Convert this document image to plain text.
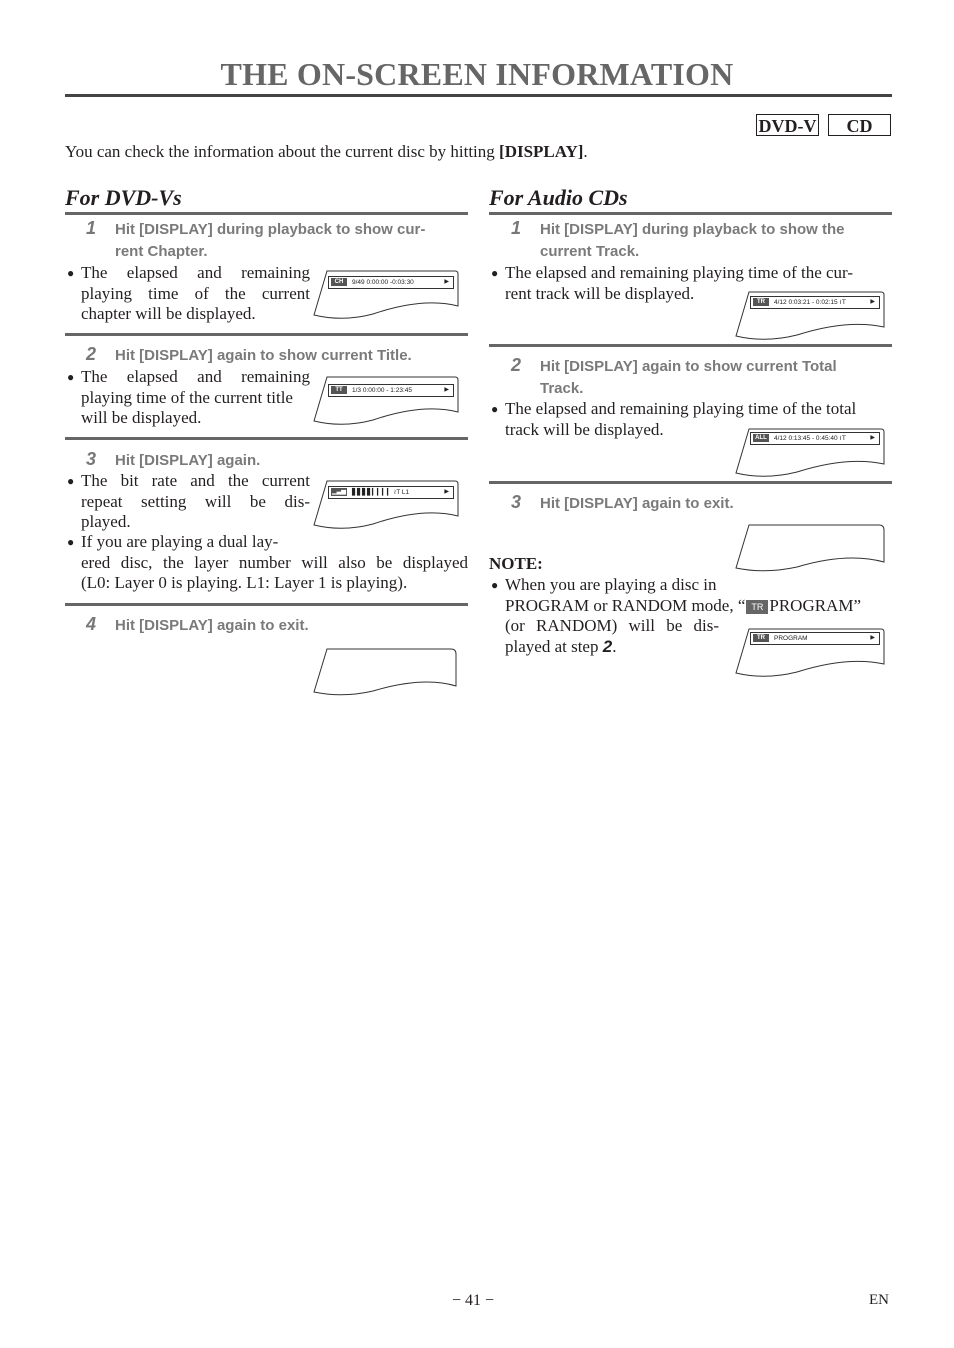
THE ON-SCREEN INFORMATION
DVD-V	CD
You can check the information about the current disc by hitting [DISPLAY].
For DVD-Vs
1 Hit [DISPLAY] during playback to show cur-
rent Chapter.
● The elapsed and remaining
playing time of the current
chapter will be displayed.
CH	9/49 0:00:00 -0:03:30	▶
2 Hit [DISPLAY] again to show current Title.
● The elapsed and remaining
playing time of the current title
will be displayed.
TT	1/3 0:00:00 - 1:23:45	▶
3 Hit [DISPLAY] again.
● The bit rate and the current
repeat setting will be dis-
played.
▁▃▅ ▋▋▋▋▎▎▎▎ ≀T L1	▶
● If you are playing a dual lay-
ered disc, the layer number will also be displayed
(L0: Layer 0 is playing. L1: Layer 1 is playing).
4 Hit [DISPLAY] again to exit.
For Audio CDs
1 Hit [DISPLAY] during playback to show the
current Track.
● The elapsed and remaining playing time of the cur-
rent track will be displayed.	TR	4/12 0:03:21 - 0:02:15 ≀T	▶
2 Hit [DISPLAY] again to show current Total
Track.
● The elapsed and remaining playing time of the total
track will be displayed.	ALL	4/12 0:13:45 - 0:45:40 ≀T	▶
3 Hit [DISPLAY] again to exit.
NOTE:
● When you are playing a disc in
PROGRAM or RANDOM mode, “ TR PROGRAM”
(or RANDOM) will be dis-
played at step 2.	TR	PROGRAM	▶
− 41 −	EN
